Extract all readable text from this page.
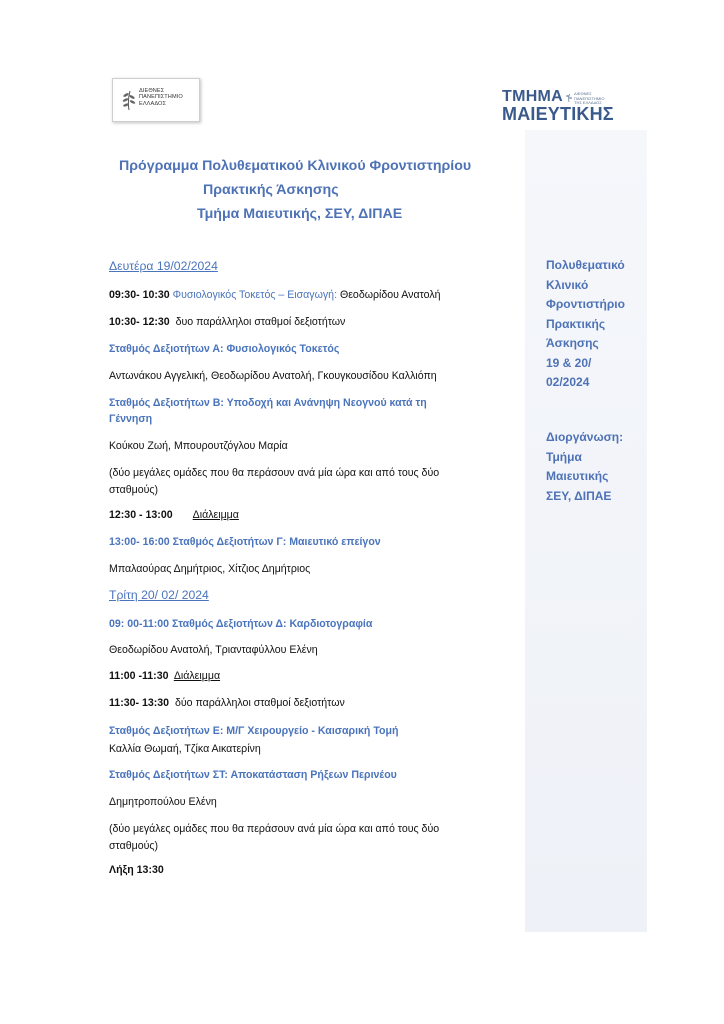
ΔΙΕΘΝΕΣ
ΠΑΝΕΠΙΣΤΗΜΙΟ
ΕΛΛΑΔΟΣ	ΤΜΗΜΑ
ΜΑΙΕΥΤΙΚΗΣ
ΔΙΕΘΝΕΣ
ΠΑΝΕΠΙΣΤΗΜΙΟ
ΤΗΣ ΕΛΛΑΔΟΣ
Πρόγραμμα Πολυθεματικού Κλινικού Φροντιστηρίου
Πρακτικής Άσκησης
Τμήμα Μαιευτικής, ΣΕΥ, ΔΙΠΑΕ
Δευτέρα 19/02/2024
09:30- 10:30 Φυσιολογικός Τοκετός – Εισαγωγή: Θεοδωρίδου Ανατολή
10:30- 12:30 δυο παράλληλοι σταθμοί δεξιοτήτων
Σταθμός Δεξιοτήτων Α: Φυσιολογικός Τοκετός
Αντωνάκου Αγγελική, Θεοδωρίδου Ανατολή, Γκουγκουσίδου Καλλιόπη
Σταθμός Δεξιοτήτων Β: Υποδοχή και Ανάνηψη Νεογνού κατά τη
Γέννηση
Κούκου Ζωή, Μπουρουτζόγλου Μαρία
(δύο μεγάλες ομάδες που θα περάσουν ανά μία ώρα και από τους δύο
σταθμούς)
12:30 - 13:00 Διάλειμμα
13:00- 16:00 Σταθμός Δεξιοτήτων Γ: Μαιευτικό επείγον
Μπαλαούρας Δημήτριος, Χίτζιος Δημήτριος
Τρίτη 20/ 02/ 2024
09: 00-11:00 Σταθμός Δεξιοτήτων Δ: Καρδιοτογραφία
Θεοδωρίδου Ανατολή, Τριανταφύλλου Ελένη
11:00 -11:30 Διάλειμμα
11:30- 13:30 δύο παράλληλοι σταθμοί δεξιοτήτων
Σταθμός Δεξιοτήτων Ε: Μ/Γ Χειρουργείο - Καισαρική Τομή
Καλλία Θωμαή, Τζίκα Αικατερίνη
Σταθμός Δεξιοτήτων ΣΤ: Αποκατάσταση Ρήξεων Περινέου
Δημητροπούλου Ελένη
(δύο μεγάλες ομάδες που θα περάσουν ανά μία ώρα και από τους δύο
σταθμούς)
Λήξη 13:30
Πολυθεματικό
Κλινικό
Φροντιστήριο
Πρακτικής
Άσκησης
19 & 20/
02/2024
Διοργάνωση:
Τμήμα
Μαιευτικής
ΣΕΥ, ΔΙΠΑΕ
